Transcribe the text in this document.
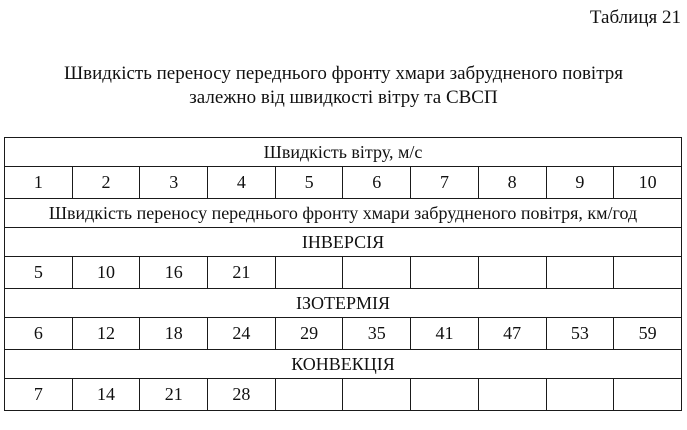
Таблиця 21
Швидкість переносу переднього фронту хмари забрудненого повітря
залежно від швидкості вітру та СВСП
Швидкість вітру, м/с									
1	2	3	4	5	6	7	8	9	10
Швидкість переносу переднього фронту хмари забрудненого повітря, км/год									
ІНВЕРСІЯ									
5	10	16	21						
ІЗОТЕРМІЯ									
6	12	18	24	29	35	41	47	53	59
КОНВЕКЦІЯ									
7	14	21	28						
